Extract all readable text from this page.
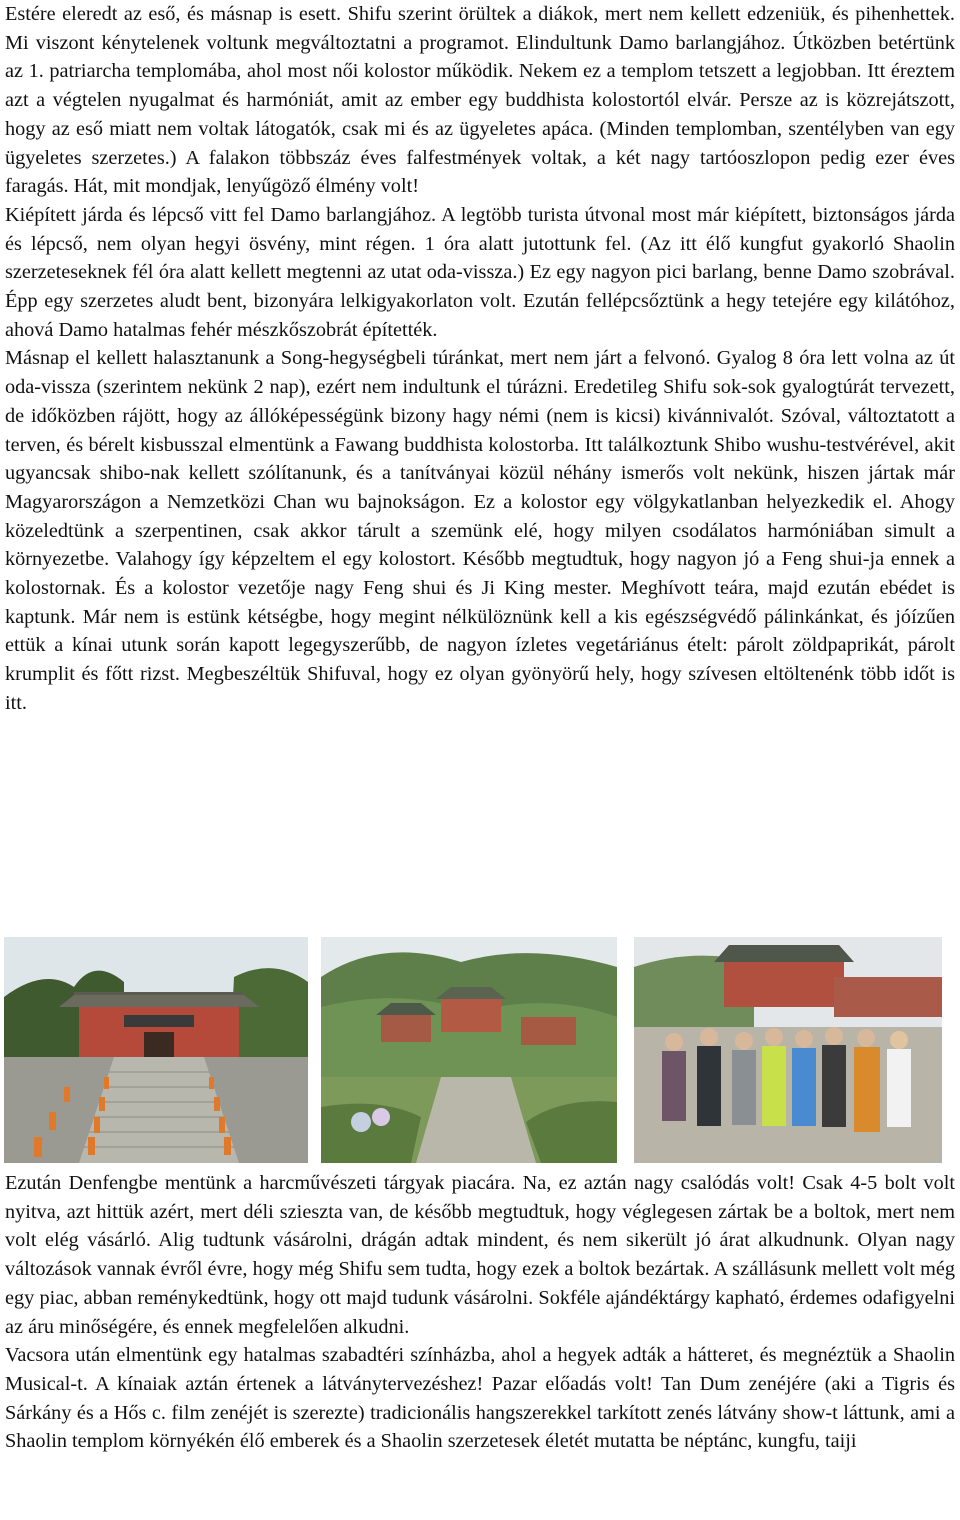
Estére eleredt az eső, és másnap is esett. Shifu szerint örültek a diákok, mert nem kellett edzeniük, és pihenhettek. Mi viszont kénytelenek voltunk megváltoztatni a programot. Elindultunk Damo barlangjához. Útközben betértünk az 1. patriarcha templomába, ahol most női kolostor működik. Nekem ez a templom tetszett a legjobban. Itt éreztem azt a végtelen nyugalmat és harmóniát, amit az ember egy buddhista kolostortól elvár. Persze az is közrejátszott, hogy az eső miatt nem voltak látogatók, csak mi és az ügyeletes apáca. (Minden templomban, szentélyben van egy ügyeletes szerzetes.) A falakon többszáz éves falfestmények voltak, a két nagy tartóoszlopon pedig ezer éves faragás. Hát, mit mondjak, lenyűgöző élmény volt!

Kiépített járda és lépcső vitt fel Damo barlangjához. A legtöbb turista útvonal most már kiépített, biztonságos járda és lépcső, nem olyan hegyi ösvény, mint régen. 1 óra alatt jutottunk fel. (Az itt élő kungfut gyakorló Shaolin szerzeteseknek fél óra alatt kellett megtenni az utat oda-vissza.) Ez egy nagyon pici barlang, benne Damo szobrával. Épp egy szerzetes aludt bent, bizonyára lelkigyakorlaton volt. Ezután fellépcsőztünk a hegy tetejére egy kilátóhoz, ahová Damo hatalmas fehér mészkőszobrát építették.

Másnap el kellett halasztanunk a Song-hegységbeli túránkat, mert nem járt a felvonó. Gyalog 8 óra lett volna az út oda-vissza (szerintem nekünk 2 nap), ezért nem indultunk el túrázni. Eredetileg Shifu sok-sok gyalogtúrát tervezett, de időközben rájött, hogy az állóképességünk bizony hagy némi (nem is kicsi) kivánnivalót. Szóval, változtatott a terven, és bérelt kisbusszal elmentünk a Fawang buddhista kolostorba. Itt találkoztunk Shibo wushu-testvérével, akit ugyancsak shibo-nak kellett szólítanunk, és a tanítványai közül néhány ismerős volt nekünk, hiszen jártak már Magyarországon a Nemzetközi Chan wu bajnokságon. Ez a kolostor egy völgykatlanban helyezkedik el. Ahogy közeledtünk a szerpentinen, csak akkor tárult a szemünk elé, hogy milyen csodálatos harmóniában simult a környezetbe. Valahogy így képzeltem el egy kolostort. Később megtudtuk, hogy nagyon jó a Feng shui-ja ennek a kolostornak. És a kolostor vezetője nagy Feng shui és Ji King mester. Meghívott teára, majd ezután ebédet is kaptunk. Már nem is estünk kétségbe, hogy megint nélkülöznünk kell a kis egészségvédő pálinkánkat, és jóízűen ettük a kínai utunk során kapott legegyszerűbb, de nagyon ízletes vegetáriánus ételt: párolt zöldpaprikát, párolt krumplit és főtt rizst. Megbeszéltük Shifuval, hogy ez olyan gyönyörű hely, hogy szívesen eltöltenénk több időt is itt.

Ezután Denfengbe mentünk a harcművészeti tárgyak piacára. Na, ez aztán nagy csalódás volt! Csak 4-5 bolt volt nyitva, azt hittük azért, mert déli sziesztа van, de később megtudtuk, hogy véglegesen zártak be a boltok, mert nem volt elég vásárló. Alig tudtunk vásárolni, drágán adtak mindent, és nem sikerült jó árat alkudnunk. Olyan nagy változások vannak évről évre, hogy még Shifu sem tudta, hogy ezek a boltok bezártak. A szállásunk mellett volt még egy piac, abban reménykedtünk, hogy ott majd tudunk vásárolni. Sokféle ajándéktárgy kapható, érdemes odafigyelni az áru minőségére, és ennek megfelelően alkudni.

Vacsora után elmentünk egy hatalmas szabadtéri színházba, ahol a hegyek adták a hátteret, és megnéztük a Shaolin Musical-t. A kínaiak aztán értenek a látványtervezéshez! Pazar előadás volt! Tan Dum zenéjére (aki a Tigris és Sárkány és a Hős c. film zenéjét is szerezte) tradicionális hangszerekkel tarkított zenés látvány show-t láttunk, ami a Shaolin templom környékén élő emberek és a Shaolin szerzetesek életét mutatta be néptánc, kungfu, taiji
